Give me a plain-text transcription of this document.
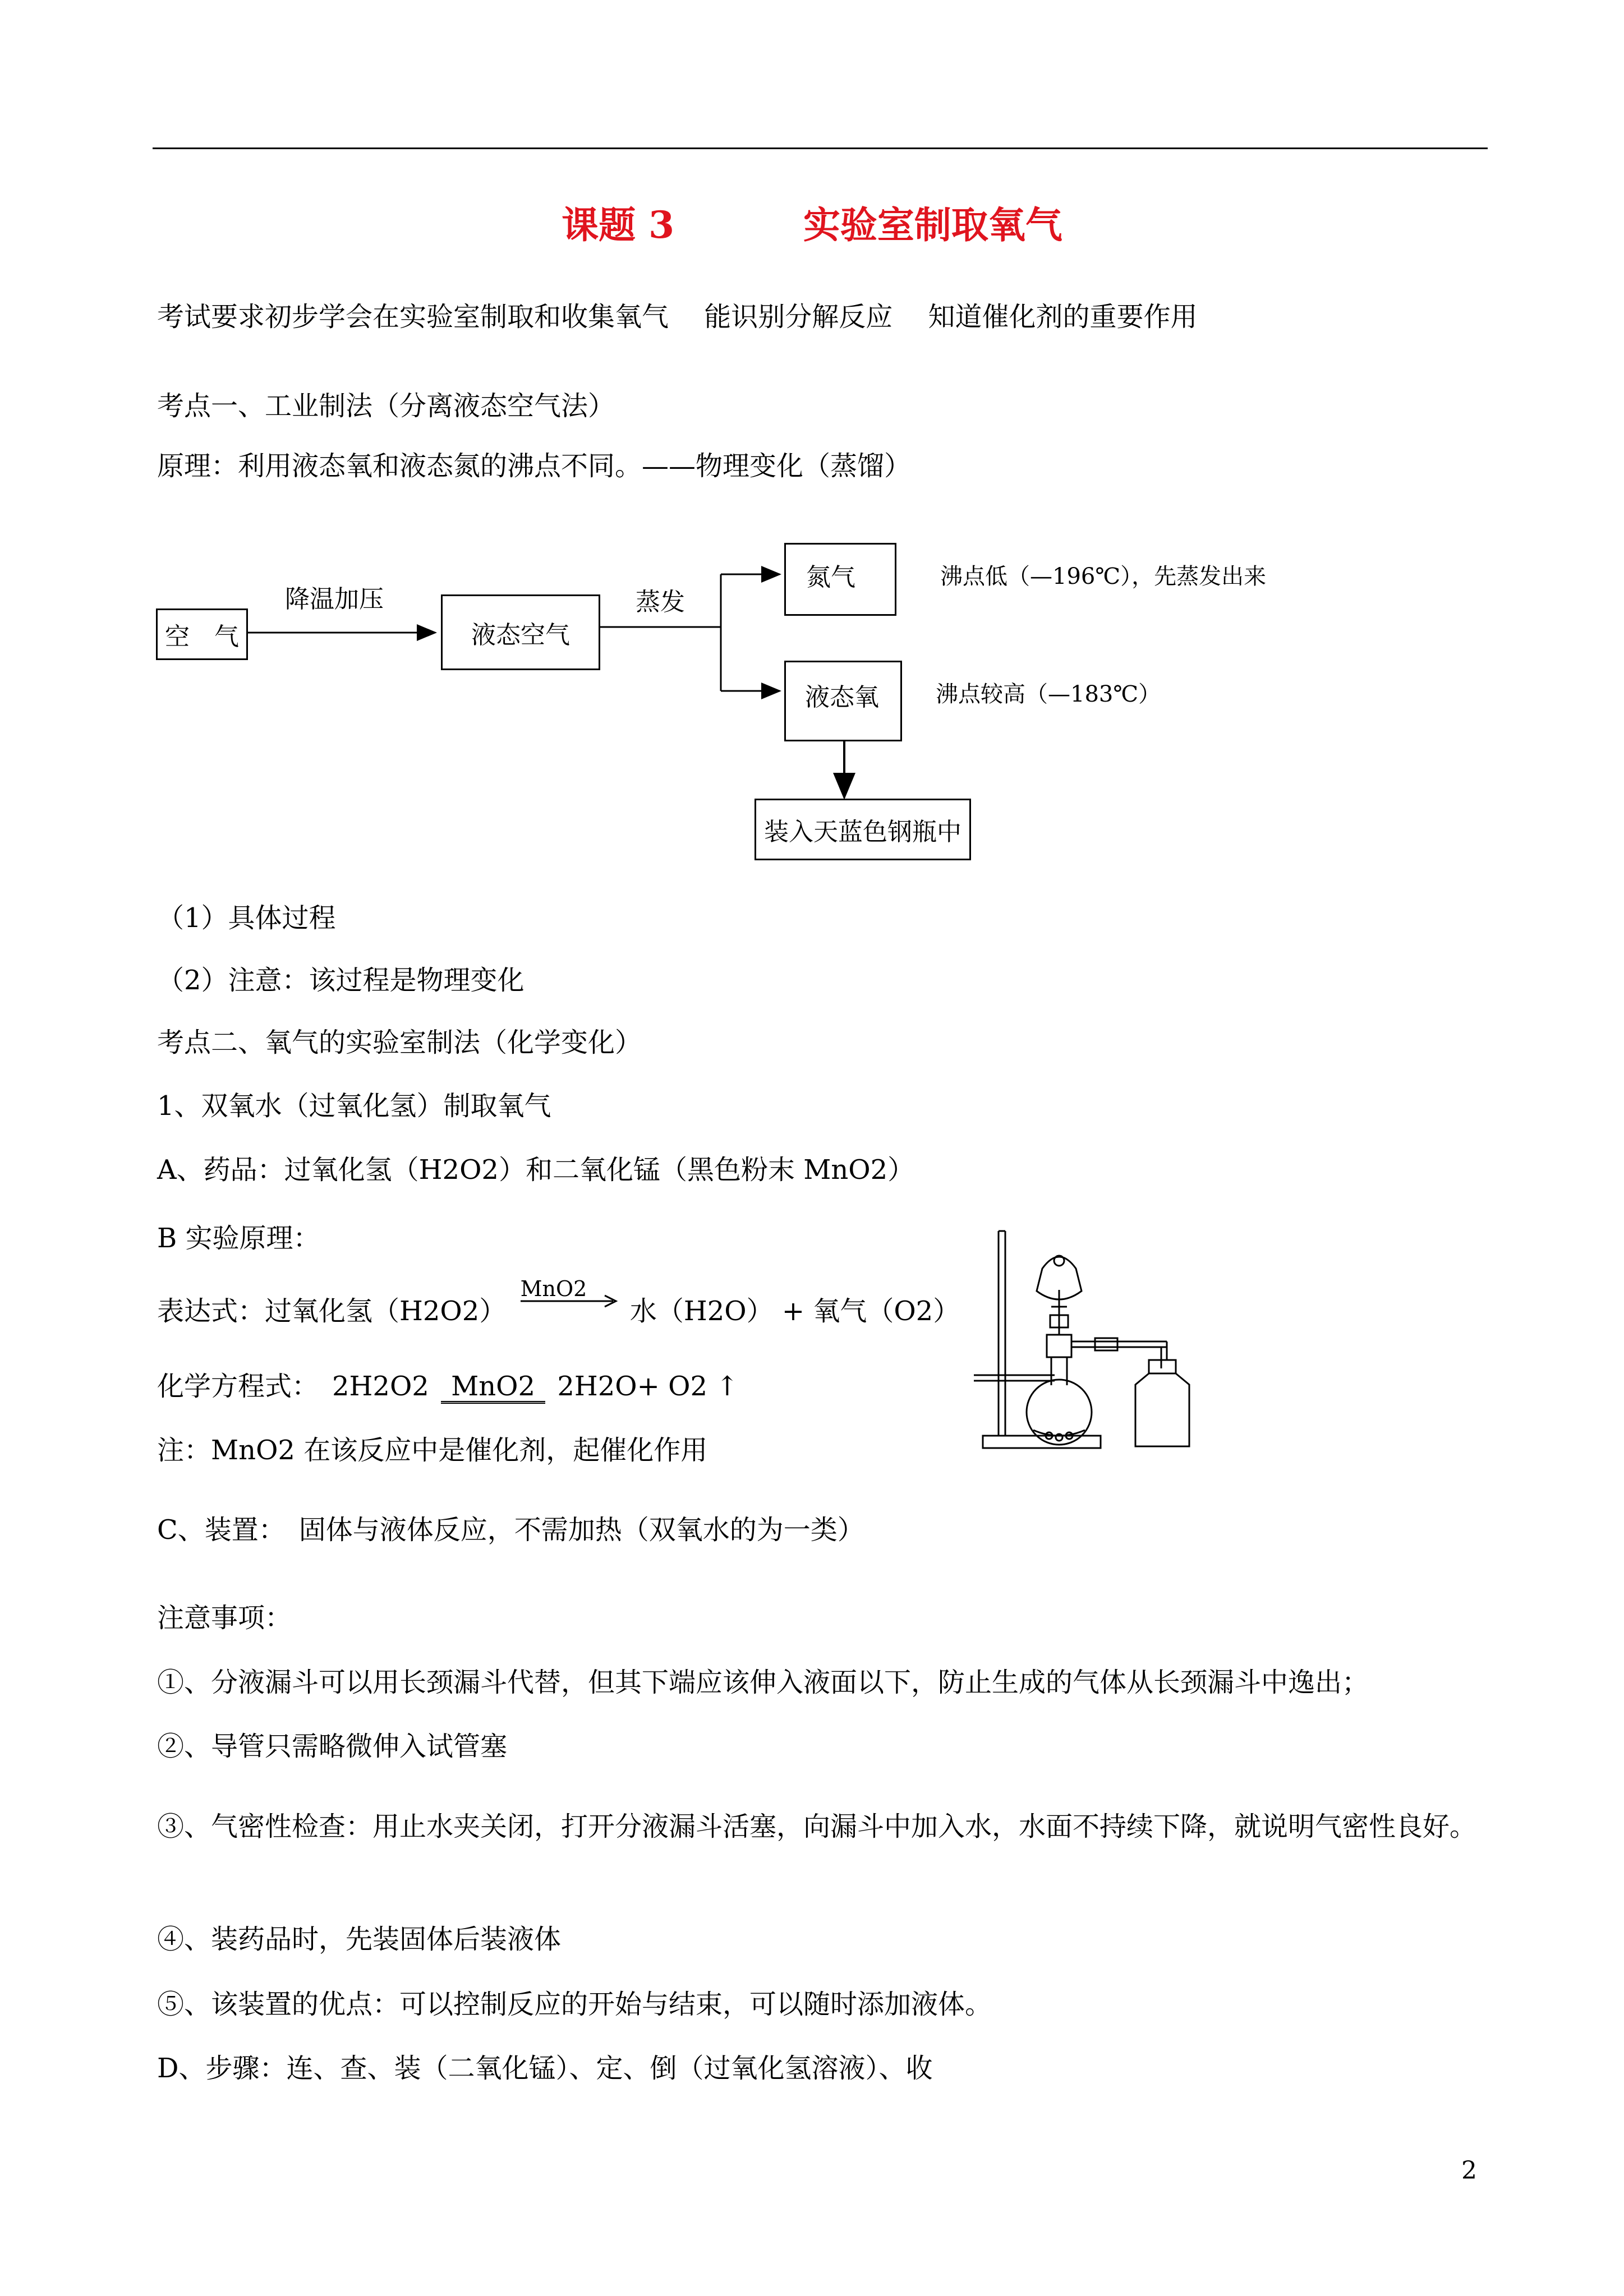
课题 3	实验室制取氧气
考试要求初步学会在实验室制取和收集氧气　 能识别分解反应　 知道催化剂的重要作用
考点一、工业制法（分离液态空气法）
原理：利用液态氧和液态氮的沸点不同。——物理变化（蒸馏）
空　气
降温加压
液态空气
蒸发
氮气	沸点低（—196℃），先蒸发出来
液态氧	沸点较高（—183℃）
装入天蓝色钢瓶中
（1）具体过程
（2）注意：该过程是物理变化
考点二、氧气的实验室制法（化学变化）
1、双氧水（过氧化氢）制取氧气
A、药品：过氧化氢（H2O2）和二氧化锰（黑色粉末 MnO2）
B 实验原理：
表达式：过氧化氢（H2O2）
MnO2
水（H2O） + 氧气（O2）
化学方程式：　2H2O2 MnO2 2H2O+ O2 ↑
注：MnO2 在该反应中是催化剂，起催化作用
C、装置：　固体与液体反应，不需加热（双氧水的为一类）
注意事项：
①、分液漏斗可以用长颈漏斗代替，但其下端应该伸入液面以下，防止生成的气体从长颈漏斗中逸出；
②、导管只需略微伸入试管塞
③、气密性检查：用止水夹关闭，打开分液漏斗活塞，向漏斗中加入水，水面不持续下降，就说明气密性良好。
④、装药品时，先装固体后装液体
⑤、该装置的优点：可以控制反应的开始与结束，可以随时添加液体。
D、步骤：连、查、装（二氧化锰）、定、倒（过氧化氢溶液）、收
2
